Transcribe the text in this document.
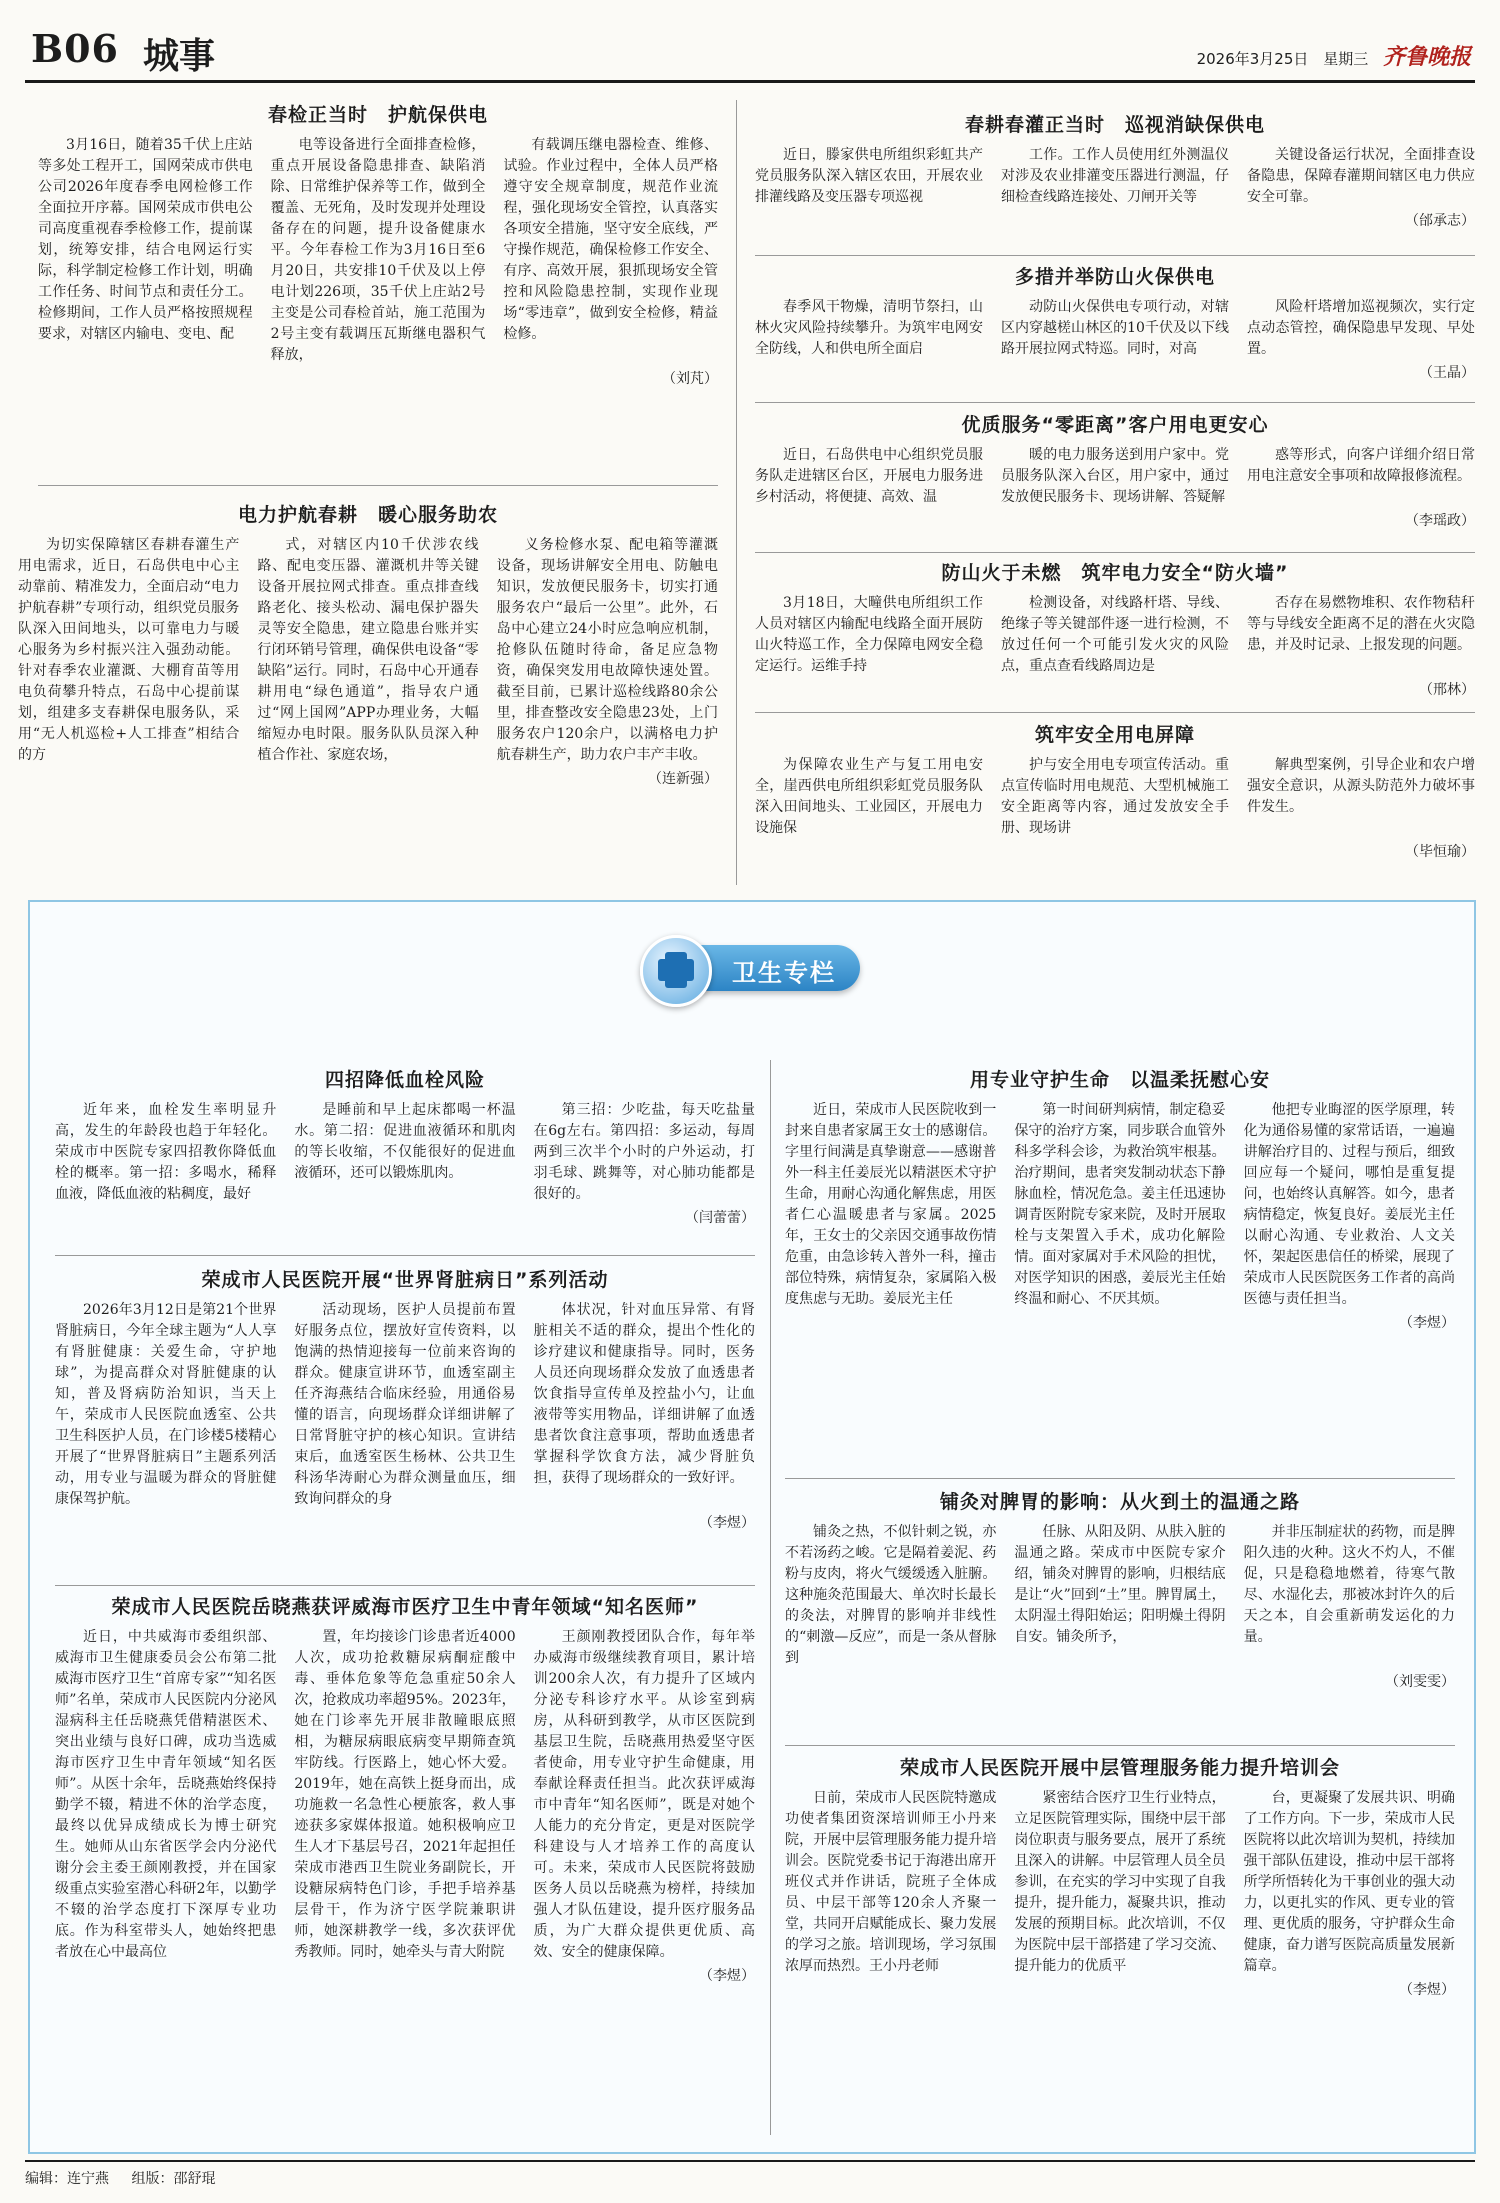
B06 城事	2026年3月25日 星期三 齐鲁晚报
春检正当时　护航保供电

3月16日，随着35千伏上庄站等多处工程开工，国网荣成市供电公司2026年度春季电网检修工作全面拉开序幕。国网荣成市供电公司高度重视春季检修工作，提前谋划，统筹安排，结合电网运行实际，科学制定检修工作计划，明确工作任务、时间节点和责任分工。检修期间，工作人员严格按照规程要求，对辖区内输电、变电、配

电等设备进行全面排查检修，重点开展设备隐患排查、缺陷消除、日常维护保养等工作，做到全覆盖、无死角，及时发现并处理设备存在的问题，提升设备健康水平。今年春检工作为3月16日至6月20日，共安排10千伏及以上停电计划226项，35千伏上庄站2号主变是公司春检首站，施工范围为2号主变有载调压瓦斯继电器积气释放，

有载调压继电器检查、维修、试验。作业过程中，全体人员严格遵守安全规章制度，规范作业流程，强化现场安全管控，认真落实各项安全措施，坚守安全底线，严守操作规范，确保检修工作安全、有序、高效开展，狠抓现场安全管控和风险隐患控制，实现作业现场“零违章”，做到安全检修，精益检修。

（刘芃）
电力护航春耕　暖心服务助农

为切实保障辖区春耕春灌生产用电需求，近日，石岛供电中心主动靠前、精准发力，全面启动“电力护航春耕”专项行动，组织党员服务队深入田间地头，以可靠电力与暖心服务为乡村振兴注入强劲动能。针对春季农业灌溉、大棚育苗等用电负荷攀升特点，石岛中心提前谋划，组建多支春耕保电服务队，采用“无人机巡检+人工排查”相结合的方

式，对辖区内10千伏涉农线路、配电变压器、灌溉机井等关键设备开展拉网式排查。重点排查线路老化、接头松动、漏电保护器失灵等安全隐患，建立隐患台账并实行闭环销号管理，确保供电设备“零缺陷”运行。同时，石岛中心开通春耕用电“绿色通道”，指导农户通过“网上国网”APP办理业务，大幅缩短办电时限。服务队队员深入种植合作社、家庭农场，

义务检修水泵、配电箱等灌溉设备，现场讲解安全用电、防触电知识，发放便民服务卡，切实打通服务农户“最后一公里”。此外，石岛中心建立24小时应急响应机制，抢修队伍随时待命，备足应急物资，确保突发用电故障快速处置。截至目前，已累计巡检线路80余公里，排查整改安全隐患23处，上门服务农户120余户，以满格电力护航春耕生产，助力农户丰产丰收。

（连新强）
春耕春灌正当时　巡视消缺保供电

近日，滕家供电所组织彩虹共产党员服务队深入辖区农田，开展农业排灌线路及变压器专项巡视

工作。工作人员使用红外测温仪对涉及农业排灌变压器进行测温，仔细检查线路连接处、刀闸开关等

关键设备运行状况，全面排查设备隐患，保障春灌期间辖区电力供应安全可靠。

（邰承志）
多措并举防山火保供电

春季风干物燥，清明节祭扫，山林火灾风险持续攀升。为筑牢电网安全防线，人和供电所全面启

动防山火保供电专项行动，对辖区内穿越槎山林区的10千伏及以下线路开展拉网式特巡。同时，对高

风险杆塔增加巡视频次，实行定点动态管控，确保隐患早发现、早处置。

（王晶）
优质服务“零距离”客户用电更安心

近日，石岛供电中心组织党员服务队走进辖区台区，开展电力服务进乡村活动，将便捷、高效、温

暖的电力服务送到用户家中。党员服务队深入台区，用户家中，通过发放便民服务卡、现场讲解、答疑解

惑等形式，向客户详细介绍日常用电注意安全事项和故障报修流程。

（李瑶政）
防山火于未燃　筑牢电力安全“防火墙”

3月18日，大疃供电所组织工作人员对辖区内输配电线路全面开展防山火特巡工作，全力保障电网安全稳定运行。运维手持

检测设备，对线路杆塔、导线、绝缘子等关键部件逐一进行检测，不放过任何一个可能引发火灾的风险点，重点查看线路周边是

否存在易燃物堆积、农作物秸秆等与导线安全距离不足的潜在火灾隐患，并及时记录、上报发现的问题。

（邢林）
筑牢安全用电屏障

为保障农业生产与复工用电安全，崖西供电所组织彩虹党员服务队深入田间地头、工业园区，开展电力设施保

护与安全用电专项宣传活动。重点宣传临时用电规范、大型机械施工安全距离等内容，通过发放安全手册、现场讲

解典型案例，引导企业和农户增强安全意识，从源头防范外力破坏事件发生。

（毕恒瑜）
卫生专栏
四招降低血栓风险

近年来，血栓发生率明显升高，发生的年龄段也趋于年轻化。荣成市中医院专家四招教你降低血栓的概率。第一招：多喝水，稀释血液，降低血液的粘稠度，最好

是睡前和早上起床都喝一杯温水。第二招：促进血液循环和肌肉的等长收缩，不仅能很好的促进血液循环，还可以锻炼肌肉。

第三招：少吃盐，每天吃盐量在6g左右。第四招：多运动，每周两到三次半个小时的户外运动，打羽毛球、跳舞等，对心肺功能都是很好的。

（闫蕾蕾）
荣成市人民医院开展“世界肾脏病日”系列活动

2026年3月12日是第21个世界肾脏病日，今年全球主题为“人人享有肾脏健康：关爱生命，守护地球”，为提高群众对肾脏健康的认知，普及肾病防治知识，当天上午，荣成市人民医院血透室、公共卫生科医护人员，在门诊楼5楼精心开展了“世界肾脏病日”主题系列活动，用专业与温暖为群众的肾脏健康保驾护航。

活动现场，医护人员提前布置好服务点位，摆放好宣传资料，以饱满的热情迎接每一位前来咨询的群众。健康宣讲环节，血透室副主任齐海燕结合临床经验，用通俗易懂的语言，向现场群众详细讲解了日常肾脏守护的核心知识。宣讲结束后，血透室医生杨林、公共卫生科汤华涛耐心为群众测量血压，细致询问群众的身

体状况，针对血压异常、有肾脏相关不适的群众，提出个性化的诊疗建议和健康指导。同时，医务人员还向现场群众发放了血透患者饮食指导宣传单及控盐小勺，让血液带等实用物品，详细讲解了血透患者饮食注意事项，帮助血透患者掌握科学饮食方法，减少肾脏负担，获得了现场群众的一致好评。

（李煜）
荣成市人民医院岳晓燕获评威海市医疗卫生中青年领域“知名医师”

近日，中共威海市委组织部、威海市卫生健康委员会公布第二批威海市医疗卫生“首席专家”“知名医师”名单，荣成市人民医院内分泌风湿病科主任岳晓燕凭借精湛医术、突出业绩与良好口碑，成功当选威海市医疗卫生中青年领域“知名医师”。从医十余年，岳晓燕始终保持勤学不辍，精进不休的治学态度，最终以优异成绩成长为博士研究生。她师从山东省医学会内分泌代谢分会主委王颜刚教授，并在国家级重点实验室潜心科研2年，以勤学不辍的治学态度打下深厚专业功底。作为科室带头人，她始终把患者放在心中最高位

置，年均接诊门诊患者近4000人次，成功抢救糖尿病酮症酸中毒、垂体危象等危急重症50余人次，抢救成功率超95%。2023年，她在门诊率先开展非散瞳眼底照相，为糖尿病眼底病变早期筛查筑牢防线。行医路上，她心怀大爱。2019年，她在高铁上挺身而出，成功施救一名急性心梗旅客，救人事迹获多家媒体报道。她积极响应卫生人才下基层号召，2021年起担任荣成市港西卫生院业务副院长，开设糖尿病特色门诊，手把手培养基层骨干，作为济宁医学院兼职讲师，她深耕教学一线，多次获评优秀教师。同时，她牵头与青大附院

王颜刚教授团队合作，每年举办威海市级继续教育项目，累计培训200余人次，有力提升了区域内分泌专科诊疗水平。从诊室到病房，从科研到教学，从市区医院到基层卫生院，岳晓燕用热爱坚守医者使命，用专业守护生命健康，用奉献诠释责任担当。此次获评威海市中青年“知名医师”，既是对她个人能力的充分肯定，更是对医院学科建设与人才培养工作的高度认可。未来，荣成市人民医院将鼓励医务人员以岳晓燕为榜样，持续加强人才队伍建设，提升医疗服务品质，为广大群众提供更优质、高效、安全的健康保障。

（李煜）
用专业守护生命　以温柔抚慰心安

近日，荣成市人民医院收到一封来自患者家属王女士的感谢信。字里行间满是真挚谢意——感谢普外一科主任姜辰光以精湛医术守护生命，用耐心沟通化解焦虑，用医者仁心温暖患者与家属。2025年，王女士的父亲因交通事故伤情危重，由急诊转入普外一科，撞击部位特殊，病情复杂，家属陷入极度焦虑与无助。姜辰光主任

第一时间研判病情，制定稳妥保守的治疗方案，同步联合血管外科多学科会诊，为救治筑牢根基。治疗期间，患者突发制动状态下静脉血栓，情况危急。姜主任迅速协调青医附院专家来院，及时开展取栓与支架置入手术，成功化解险情。面对家属对手术风险的担忧，对医学知识的困惑，姜辰光主任始终温和耐心、不厌其烦。

他把专业晦涩的医学原理，转化为通俗易懂的家常话语，一遍遍讲解治疗目的、过程与预后，细致回应每一个疑问，哪怕是重复提问，也始终认真解答。如今，患者病情稳定，恢复良好。姜辰光主任以耐心沟通、专业救治、人文关怀，架起医患信任的桥梁，展现了荣成市人民医院医务工作者的高尚医德与责任担当。

（李煜）
铺灸对脾胃的影响：从火到土的温通之路

铺灸之热，不似针刺之锐，亦不若汤药之峻。它是隔着姜泥、药粉与皮肉，将火气缓缓透入脏腑。这种施灸范围最大、单次时长最长的灸法，对脾胃的影响并非线性的“刺激—反应”，而是一条从督脉到

任脉、从阳及阴、从肤入脏的温通之路。荣成市中医院专家介绍，铺灸对脾胃的影响，归根结底是让“火”回到“土”里。脾胃属土，太阴湿土得阳始运；阳明燥土得阴自安。铺灸所予，

并非压制症状的药物，而是脾阳久违的火种。这火不灼人，不催促，只是稳稳地燃着，待寒气散尽、水湿化去，那被冰封许久的后天之本，自会重新萌发运化的力量。

（刘雯雯）
荣成市人民医院开展中层管理服务能力提升培训会

日前，荣成市人民医院特邀成功使者集团资深培训师王小丹来院，开展中层管理服务能力提升培训会。医院党委书记于海港出席开班仪式并作讲话，院班子全体成员、中层干部等120余人齐聚一堂，共同开启赋能成长、聚力发展的学习之旅。培训现场，学习氛围浓厚而热烈。王小丹老师

紧密结合医疗卫生行业特点，立足医院管理实际，围绕中层干部岗位职责与服务要点，展开了系统且深入的讲解。中层管理人员全员参训，在充实的学习中实现了自我提升，提升能力，凝聚共识，推动发展的预期目标。此次培训，不仅为医院中层干部搭建了学习交流、提升能力的优质平

台，更凝聚了发展共识、明确了工作方向。下一步，荣成市人民医院将以此次培训为契机，持续加强干部队伍建设，推动中层干部将所学所悟转化为干事创业的强大动力，以更扎实的作风、更专业的管理、更优质的服务，守护群众生命健康，奋力谱写医院高质量发展新篇章。

（李煜）
编辑：连宁燕 组版：邵舒琨
